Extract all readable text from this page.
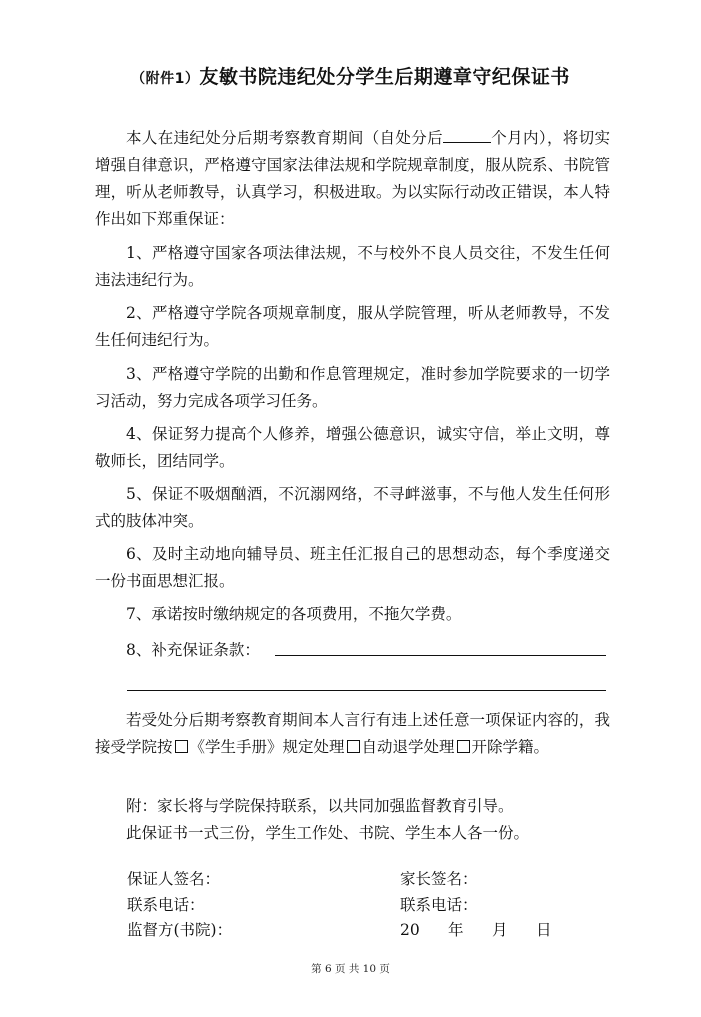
（附件1）友敏书院违纪处分学生后期遵章守纪保证书

本人在违纪处分后期考察教育期间（自处分后	个月内），将切实增强自律意识，严格遵守国家法律法规和学院规章制度，服从院系、书院管理，听从老师教导，认真学习，积极进取。为以实际行动改正错误，本人特作出如下郑重保证：

1、严格遵守国家各项法律法规，不与校外不良人员交往，不发生任何违法违纪行为。

2、严格遵守学院各项规章制度，服从学院管理，听从老师教导，不发生任何违纪行为。

3、严格遵守学院的出勤和作息管理规定，准时参加学院要求的一切学习活动，努力完成各项学习任务。

4、保证努力提高个人修养，增强公德意识，诚实守信，举止文明，尊敬师长，团结同学。

5、保证不吸烟酗酒，不沉溺网络，不寻衅滋事，不与他人发生任何形式的肢体冲突。

6、及时主动地向辅导员、班主任汇报自己的思想动态，每个季度递交一份书面思想汇报。

7、承诺按时缴纳规定的各项费用，不拖欠学费。

8、补充保证条款：

若受处分后期考察教育期间本人言行有违上述任意一项保证内容的，我接受学院按 《学生手册》规定处理 自动退学处理 开除学籍。

附：家长将与学院保持联系，以共同加强监督教育引导。

此保证书一式三份，学生工作处、书院、学生本人各一份。

保证人签名：
联系电话：
监督方(书院)：
家长签名：
联系电话：
20 年 月 日
第 6 页 共 10 页
